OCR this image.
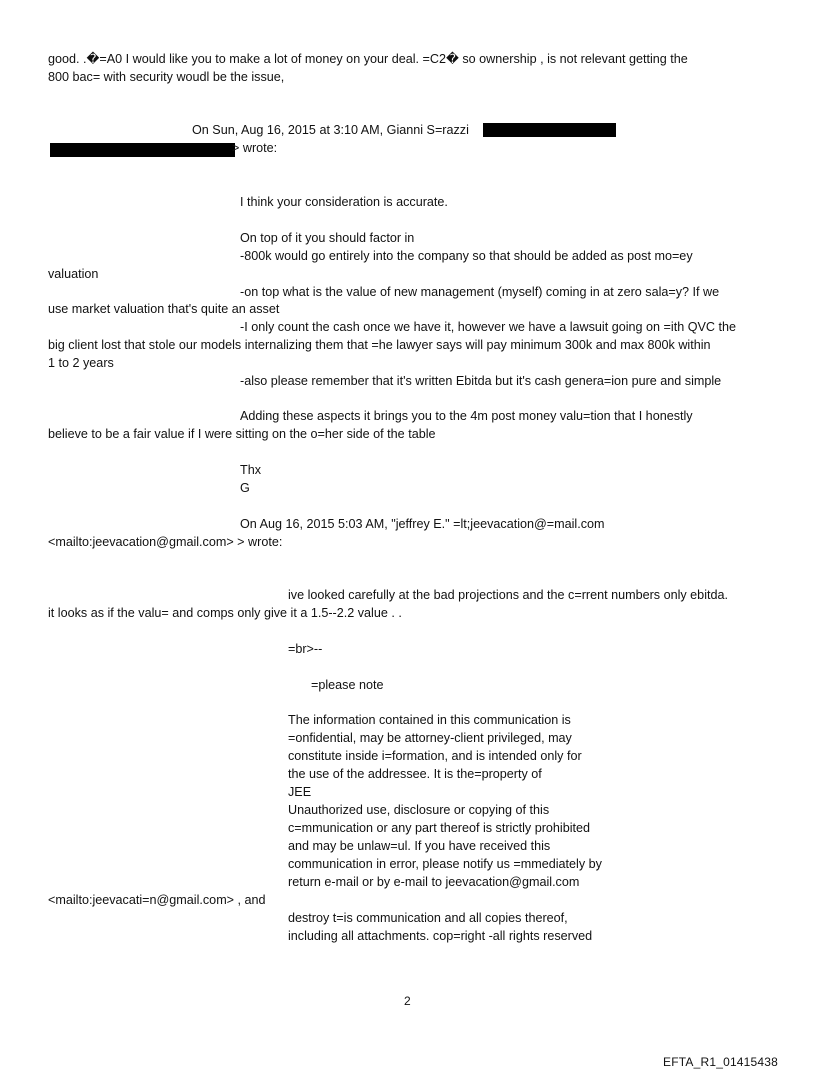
good. .�=A0 I would like you to make a lot of money on your deal. =C2� so ownership , is not relevant getting the
800 bac= with security woudl be the issue,
On Sun, Aug 16, 2015 at 3:10 AM, Gianni S=razzi
> wrote:
I think your consideration is accurate.
On top of it you should factor in
-800k would go entirely into the company so that should be added as post mo=ey
valuation
-on top what is the value of new management (myself) coming in at zero sala=y? If we
use market valuation that's quite an asset
-I only count the cash once we have it, however we have a lawsuit going on =ith QVC the
big client lost that stole our models internalizing them that =he lawyer says will pay minimum 300k and max 800k within
1 to 2 years
-also please remember that it's written Ebitda but it's cash genera=ion pure and simple
Adding these aspects it brings you to the 4m post money valu=tion that I honestly
believe to be a fair value if I were sitting on the o=her side of the table
Thx
G
On Aug 16, 2015 5:03 AM, "jeffrey E." =lt;jeevacation@=mail.com
<mailto:jeevacation@gmail.com> > wrote:
ive looked carefully at the bad projections and the c=rrent numbers only ebitda.
it looks as if the valu= and comps only give it a 1.5--2.2 value . .
=br>--
=please note
The information contained in this communication is
=onfidential, may be attorney-client privileged, may
constitute inside i=formation, and is intended only for
the use of the addressee. It is the=property of
JEE
Unauthorized use, disclosure or copying of this
c=mmunication or any part thereof is strictly prohibited
and may be unlaw=ul. If you have received this
communication in error, please notify us =mmediately by
return e-mail or by e-mail to jeevacation@gmail.com
<mailto:jeevacati=n@gmail.com> , and
destroy t=is communication and all copies thereof,
including all attachments. cop=right -all rights reserved
2
EFTA_R1_01415438
